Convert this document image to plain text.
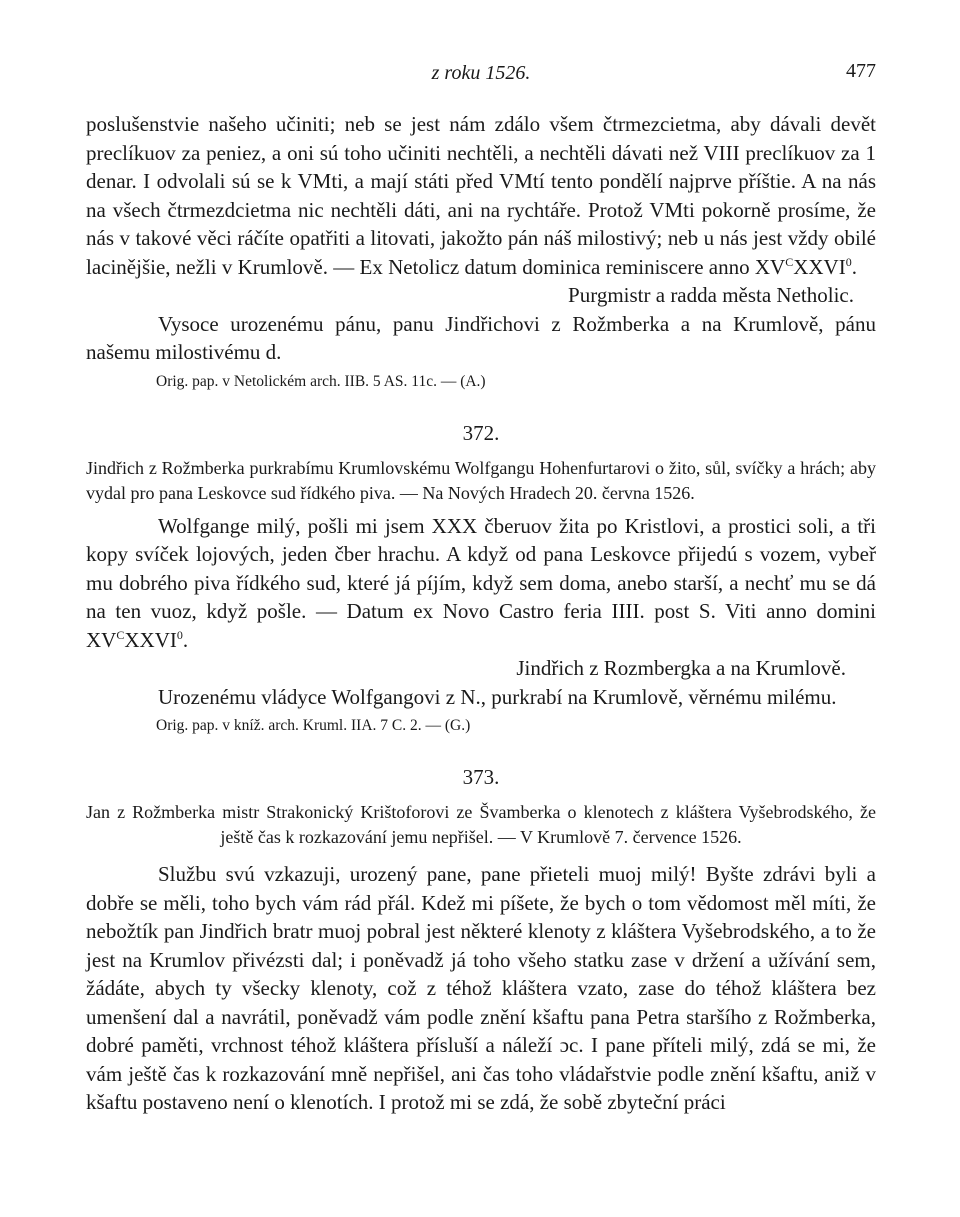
z roku 1526.	477

poslušenstvie našeho učiniti; neb se jest nám zdálo všem čtrmezcietma, aby dávali devět preclíkuov za peniez, a oni sú toho učiniti nechtěli, a nechtěli dávati než VIII preclíkuov za 1 denar. I odvolali sú se k VMti, a mají státi před VMtí tento pondělí najprve příštie. A na nás na všech čtrmezdcietma nic nechtěli dáti, ani na rychtáře. Protož VMti pokorně prosíme, že nás v takové věci ráčíte opatřiti a litovati, jakožto pán náš milostivý; neb u nás jest vždy obilé lacinějšie, nežli v Krumlově. — Ex Netolicz datum dominica reminiscere anno $XV^CXXVI^0$.

Purgmistr a radda města Netholic.

Vysoce urozenému pánu, panu Jindřichovi z Rožmberka a na Krumlově, pánu našemu milostivému d.

Orig. pap. v Netolickém arch. IIB. 5 AS. 11c. — (A.)
372.
Jindřich z Rožmberka purkrabímu Krumlovskému Wolfgangu Hohenfurtarovi o žito, sůl, svíčky a hrách; aby vydal pro pana Leskovce sud řídkého piva. — Na Nových Hradech 20. června 1526.

Wolfgange milý, pošli mi jsem XXX čberuov žita po Kristlovi, a prostici soli, a tři kopy svíček lojových, jeden čber hrachu. A když od pana Leskovce přijedú s vozem, vybeř mu dobrého piva řídkého sud, které já píjím, když sem doma, anebo starší, a nechť mu se dá na ten vuoz, když pošle. — Datum ex Novo Castro feria IIII. post S. Viti anno domini $XV^CXXVI^0$.

Jindřich z Rozmbergka a na Krumlově.

Urozenému vládyce Wolfgangovi z N., purkrabí na Krumlově, věrnému milému.

Orig. pap. v kníž. arch. Kruml. IIA. 7 C. 2. — (G.)
373.
Jan z Rožmberka mistr Strakonický Krištoforovi ze Švamberka o klenotech z kláštera Vyšebrodského, že ještě čas k rozkazování jemu nepřišel. — V Krumlově 7. července 1526.

Službu svú vzkazuji, urozený pane, pane přieteli muoj milý! Byšte zdrávi byli a dobře se měli, toho bych vám rád přál. Kdež mi píšete, že bych o tom vědomost měl míti, že nebožtík pan Jindřich bratr muoj pobral jest některé klenoty z kláštera Vyšebrodského, a to že jest na Krumlov přivézsti dal; i poněvadž já toho všeho statku zase v držení a užívání sem, žádáte, abych ty všecky klenoty, což z téhož kláštera vzato, zase do téhož kláštera bez umenšení dal a navrátil, poněvadž vám podle znění kšaftu pana Petra staršího z Rožmberka, dobré paměti, vrchnost téhož kláštera přísluší a náleží ɔc. I pane příteli milý, zdá se mi, že vám ještě čas k rozkazování mně nepřišel, ani čas toho vládařstvie podle znění kšaftu, aniž v kšaftu postaveno není o klenotích. I protož mi se zdá, že sobě zbyteční práci
